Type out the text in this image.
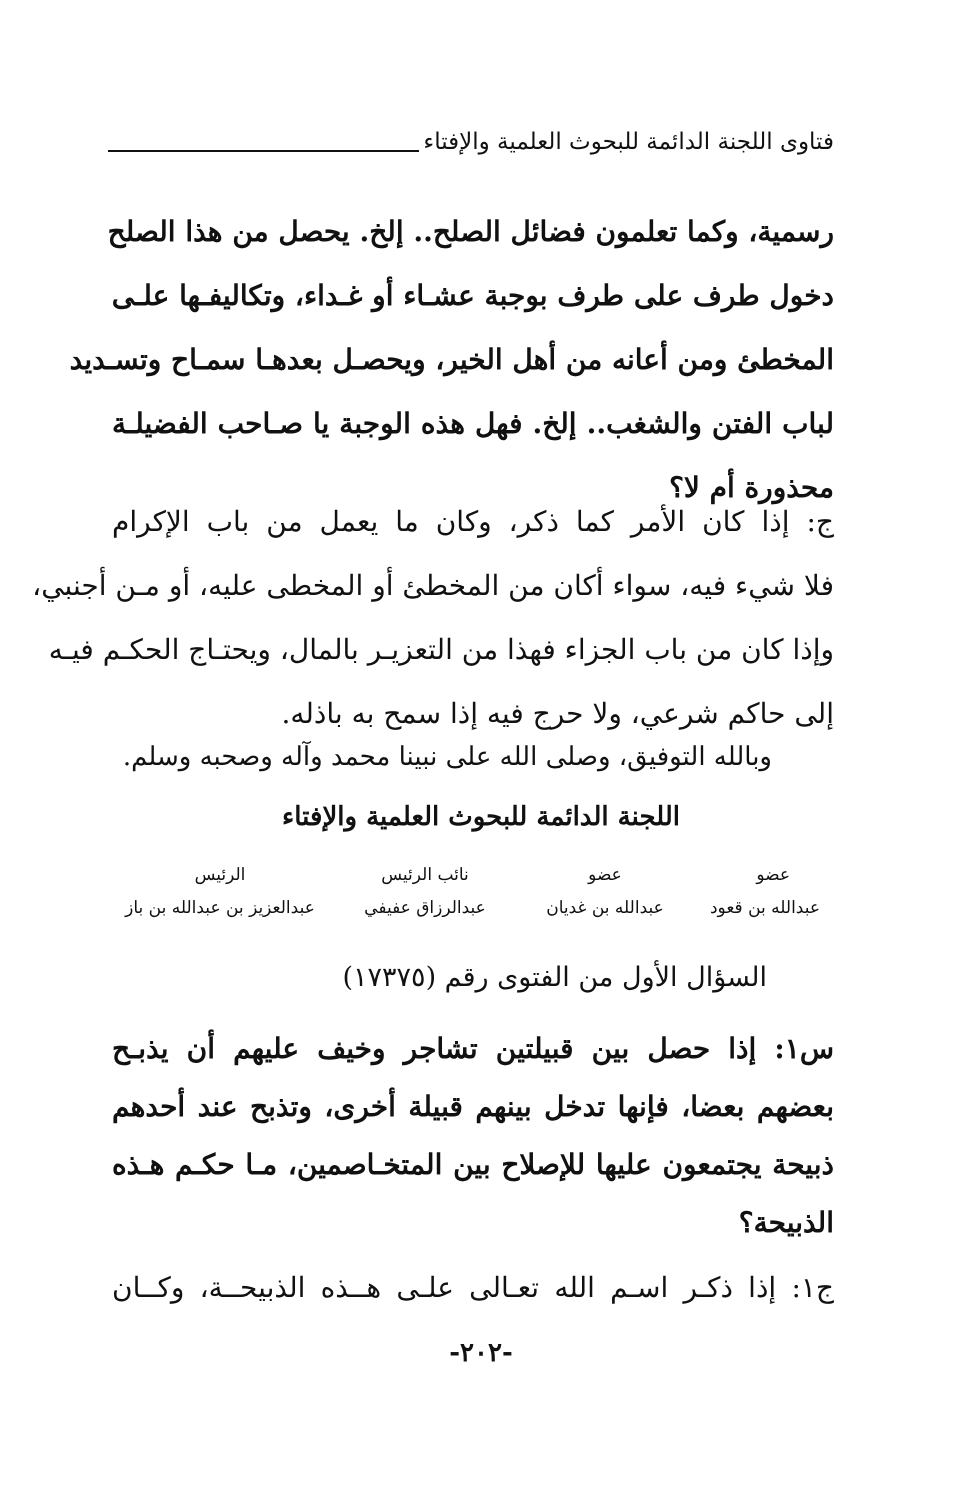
فتاوى اللجنة الدائمة للبحوث العلمية والإفتاء
رسمية، وكما تعلمون فضائل الصلح.. إلخ. يحصل من هذا الصلح
دخول طرف على طرف بوجبة عشـاء أو غـداء، وتكاليفـها علـى
المخطئ ومن أعانه من أهل الخير، ويحصـل بعدهـا سمـاح وتسـديد
لباب الفتن والشغب.. إلخ. فهل هذه الوجبة يا صـاحب الفضيلـة
محذورة أم لا؟
ج: إذا كان الأمر كما ذكر، وكان ما يعمل من باب الإكرام
فلا شيء فيه، سواء أكان من المخطئ أو المخطى عليه، أو مـن أجنبي،
وإذا كان من باب الجزاء فهذا من التعزيـر بالمال، ويحتـاج الحكـم فيـه
إلى حاكم شرعي، ولا حرج فيه إذا سمح به باذله.
وبالله التوفيق، وصلى الله على نبينا محمد وآله وصحبه وسلم.
اللجنة الدائمة للبحوث العلمية والإفتاء
عضو
عبدالله بن قعود
عضو
عبدالله بن غديان
نائب الرئيس
عبدالرزاق عفيفي
الرئيس
عبدالعزيز بن عبدالله بن باز
السؤال الأول من الفتوى رقم (١٧٣٧٥)
س١: إذا حصل بين قبيلتين تشاجر وخيف عليهم أن يذبـح
بعضهم بعضا، فإنها تدخل بينهم قبيلة أخرى، وتذبح عند أحدهم
ذبيحة يجتمعون عليها للإصلاح بين المتخـاصمين، مـا حكـم هـذه
الذبيحة؟
ج١: إذا ذكـر اسـم الله تعـالى علـى هــذه الذبيحــة، وكــان
-٢٠٢-
